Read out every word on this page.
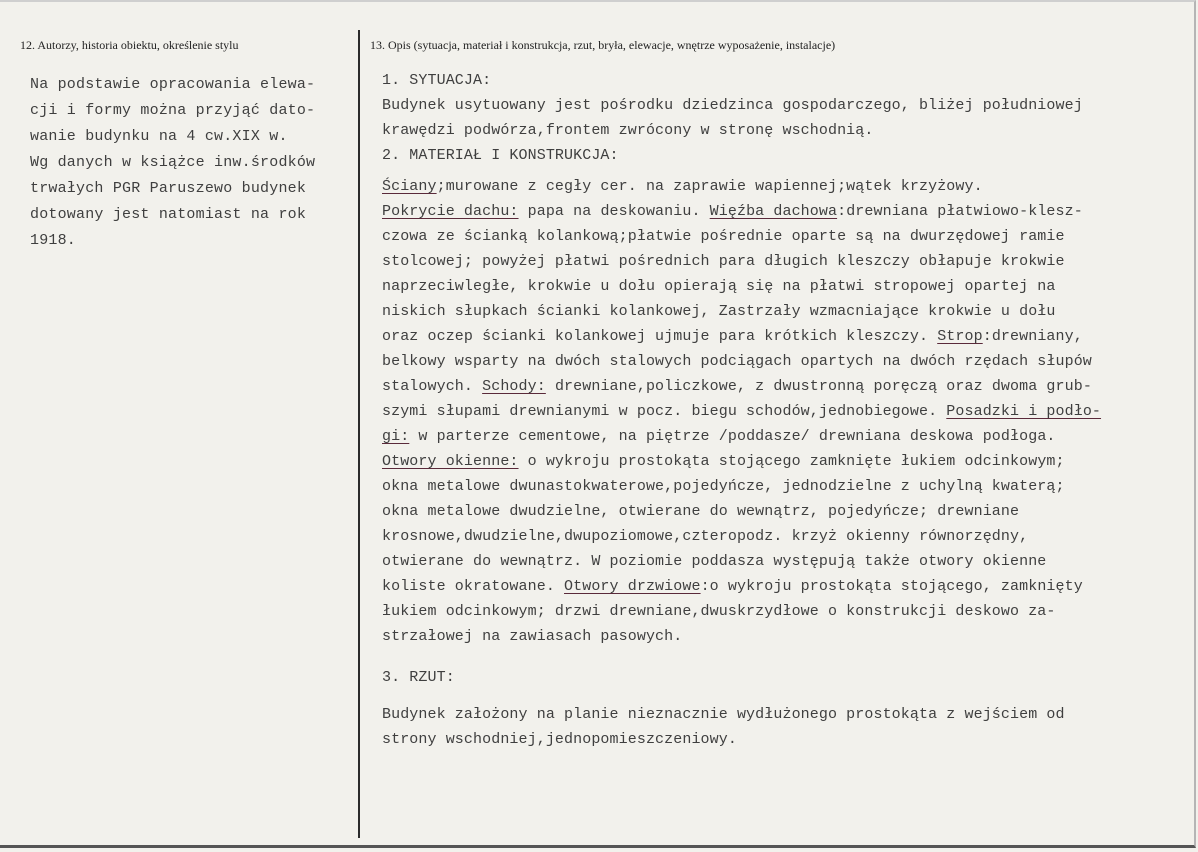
12. Autorzy, historia obiektu, określenie stylu	13. Opis (sytuacja, materiał i konstrukcja, rzut, bryła, elewacje, wnętrze wyposażenie, instalacje)
Na podstawie opracowania elewa-
cji i formy można przyjąć dato-
wanie budynku na 4 cw.XIX w.
Wg danych w książce inw.środków
trwałych PGR Paruszewo budynek
dotowany jest natomiast na rok
1918.
1. SYTUACJA:
Budynek usytuowany jest pośrodku dziedzinca gospodarczego, bliżej południowej
krawędzi podwórza,frontem zwrócony w stronę wschodnią.
2. MATERIAŁ I KONSTRUKCJA:
Ściany;murowane z cegły cer. na zaprawie wapiennej;wątek krzyżowy.
Pokrycie dachu: papa na deskowaniu. Więźba dachowa:drewniana płatwiowo-klesz-
czowa ze ścianką kolankową;płatwie pośrednie oparte są na dwurzędowej ramie
stolcowej; powyżej płatwi pośrednich para długich kleszczy obłapuje krokwie
naprzeciwległe, krokwie u dołu opierają się na płatwi stropowej opartej na
niskich słupkach ścianki kolankowej, Zastrzały wzmacniające krokwie u dołu
oraz oczep ścianki kolankowej ujmuje para krótkich kleszczy. Strop:drewniany,
belkowy wsparty na dwóch stalowych podciągach opartych na dwóch rzędach słupów
stalowych. Schody: drewniane,policzkowe, z dwustronną poręczą oraz dwoma grub-
szymi słupami drewnianymi w pocz. biegu schodów,jednobiegowe. Posadzki i podło-
gi: w parterze cementowe, na piętrze /poddasze/ drewniana deskowa podłoga.
Otwory okienne: o wykroju prostokąta stojącego zamknięte łukiem odcinkowym;
okna metalowe dwunastokwaterowe,pojedyńcze, jednodzielne z uchylną kwaterą;
okna metalowe dwudzielne, otwierane do wewnątrz, pojedyńcze; drewniane
krosnowe,dwudzielne,dwupoziomowe,czteropodz. krzyż okienny równorzędny,
otwierane do wewnątrz. W poziomie poddasza występują także otwory okienne
koliste okratowane. Otwory drzwiowe:o wykroju prostokąta stojącego, zamknięty
łukiem odcinkowym; drzwi drewniane,dwuskrzydłowe o konstrukcji deskowo za-
strzałowej na zawiasach pasowych.
3. RZUT:
Budynek założony na planie nieznacznie wydłużonego prostokąta z wejściem od
strony wschodniej,jednopomieszczeniowy.
